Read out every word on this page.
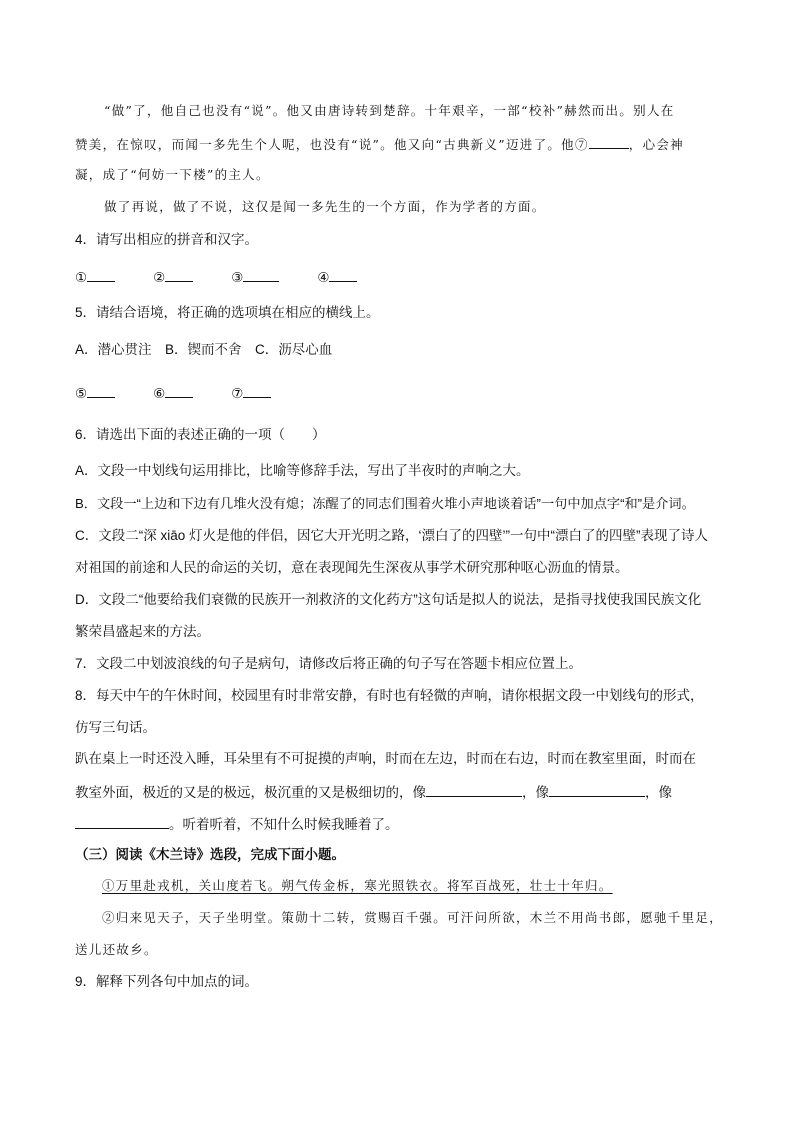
“做”了，他自己也没有“说”。他又由唐诗转到楚辞。十年艰辛，一部“校补”赫然而出。别人在
赞美，在惊叹，而闻一多先生个人呢，也没有“说”。他又向“古典新义”迈进了。他⑦	，心会神
凝，成了“何妨一下楼”的主人。
做了再说，做了不说，这仅是闻一多先生的一个方面，作为学者的方面。
4．请写出相应的拼音和汉字。
①	②	③	④
5．请结合语境，将正确的选项填在相应的横线上。
A．潜心贯注　B．锲而不舍　C．沥尽心血
⑤	⑥	⑦
6．请选出下面的表述正确的一项（　　）
A．文段一中划线句运用排比，比喻等修辞手法，写出了半夜时的声响之大。
B．文段一“上边和下边有几堆火没有熄；冻醒了的同志们围着火堆小声地谈着话”一句中加点字“和”是介词。
C．文段二“深 xiāo 灯火是他的伴侣，因它大开光明之路，‘漂白了的四壁’”一句中“漂白了的四壁”表现了诗人
对祖国的前途和人民的命运的关切，意在表现闻先生深夜从事学术研究那种呕心沥血的情景。
D．文段二“他要给我们衰微的民族开一剂救济的文化药方”这句话是拟人的说法，是指寻找使我国民族文化
繁荣昌盛起来的方法。
7．文段二中划波浪线的句子是病句，请修改后将正确的句子写在答题卡相应位置上。
8．每天中午的午休时间，校园里有时非常安静，有时也有轻微的声响，请你根据文段一中划线句的形式，
仿写三句话。
趴在桌上一时还没入睡，耳朵里有不可捉摸的声响，时而在左边，时而在右边，时而在教室里面，时而在
教室外面，极近的又是的极远，极沉重的又是极细切的，像	，像	，像
。听着听着，不知什么时候我睡着了。
（三）阅读《木兰诗》选段，完成下面小题。
①万里赴戎机，关山度若飞。朔气传金柝，寒光照铁衣。将军百战死，壮士十年归。
②归来见天子，天子坐明堂。策勋十二转，赏赐百千强。可汗问所欲，木兰不用尚书郎，愿驰千里足，
送儿还故乡。
9．解释下列各句中加点的词。
